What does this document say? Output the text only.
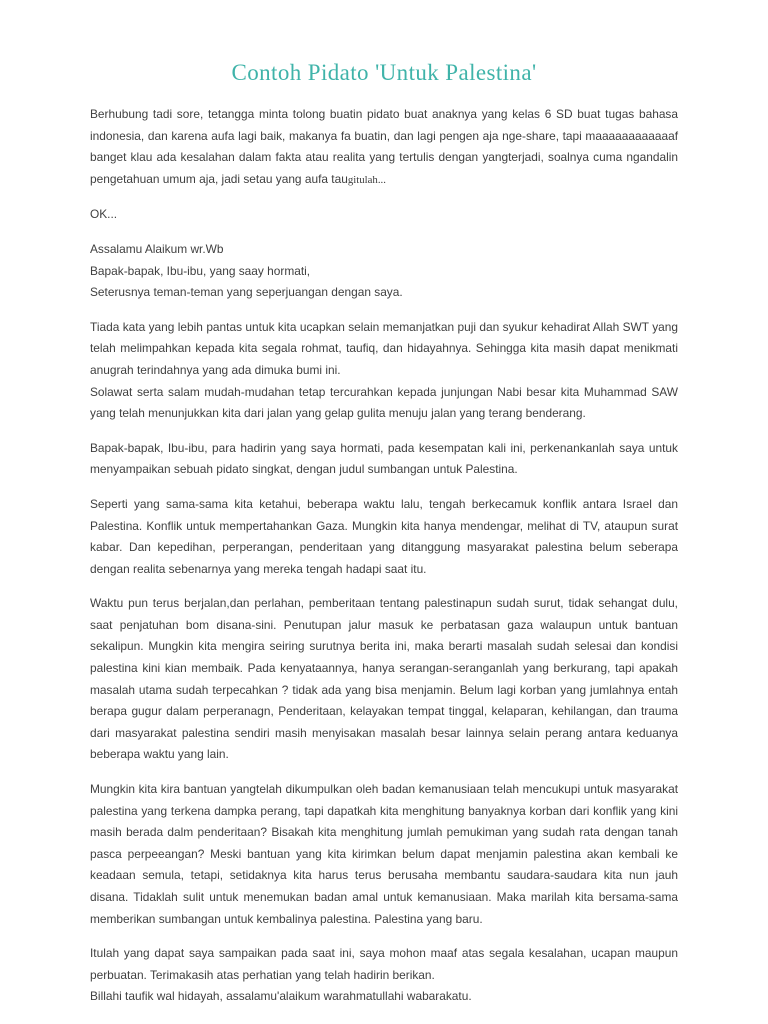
Contoh Pidato 'Untuk Palestina'

Berhubung tadi sore, tetangga minta tolong buatin pidato buat anaknya yang kelas 6 SD buat tugas bahasa indonesia, dan karena aufa lagi baik, makanya fa buatin, dan lagi pengen aja nge-share, tapi maaaaaaaaaaaaf banget klau ada kesalahan dalam fakta atau realita yang tertulis dengan yangterjadi, soalnya cuma ngandalin pengetahuan umum aja, jadi setau yang aufa taugitulah...

OK...

Assalamu Alaikum wr.Wb

Bapak-bapak, Ibu-ibu, yang saay hormati,

Seterusnya teman-teman yang seperjuangan dengan saya.

Tiada kata yang lebih pantas untuk kita ucapkan selain memanjatkan puji dan syukur kehadirat Allah SWT yang telah melimpahkan kepada kita segala rohmat, taufiq, dan hidayahnya. Sehingga kita masih dapat menikmati anugrah terindahnya yang ada dimuka bumi ini.

Solawat serta salam mudah-mudahan tetap tercurahkan kepada junjungan Nabi besar kita Muhammad SAW yang telah menunjukkan kita dari jalan yang gelap gulita menuju jalan yang terang benderang.

Bapak-bapak, Ibu-ibu, para hadirin yang saya hormati, pada kesempatan kali ini, perkenankanlah saya untuk menyampaikan sebuah pidato singkat, dengan judul sumbangan untuk Palestina.

Seperti yang sama-sama kita ketahui, beberapa waktu lalu, tengah berkecamuk konflik antara Israel dan Palestina. Konflik untuk mempertahankan Gaza. Mungkin kita hanya mendengar, melihat di TV, ataupun surat kabar. Dan kepedihan, perperangan, penderitaan yang ditanggung masyarakat palestina belum seberapa dengan realita sebenarnya yang mereka tengah hadapi saat itu.

Waktu pun terus berjalan,dan perlahan, pemberitaan tentang palestinapun sudah surut, tidak sehangat dulu, saat penjatuhan bom disana-sini. Penutupan jalur masuk ke perbatasan gaza walaupun untuk bantuan sekalipun. Mungkin kita mengira seiring surutnya berita ini, maka berarti masalah sudah selesai dan kondisi palestina kini kian membaik. Pada kenyataannya, hanya serangan-seranganlah yang berkurang, tapi apakah masalah utama sudah terpecahkan ? tidak ada yang bisa menjamin. Belum lagi korban yang jumlahnya entah berapa gugur dalam perperanagn, Penderitaan, kelayakan tempat tinggal, kelaparan, kehilangan, dan trauma dari masyarakat palestina sendiri masih menyisakan masalah besar lainnya selain perang antara keduanya beberapa waktu yang lain.

Mungkin kita kira bantuan yangtelah dikumpulkan oleh badan kemanusiaan telah mencukupi untuk masyarakat palestina yang terkena dampka perang, tapi dapatkah kita menghitung banyaknya korban dari konflik yang kini masih berada dalm penderitaan? Bisakah kita menghitung jumlah pemukiman yang sudah rata dengan tanah pasca perpeeangan? Meski bantuan yang kita kirimkan belum dapat menjamin palestina akan kembali ke keadaan semula, tetapi, setidaknya kita harus terus berusaha membantu saudara-saudara kita nun jauh disana. Tidaklah sulit untuk menemukan badan amal untuk kemanusiaan. Maka marilah kita bersama-sama memberikan sumbangan untuk kembalinya palestina. Palestina yang baru.

Itulah yang dapat saya sampaikan pada saat ini, saya mohon maaf atas segala kesalahan, ucapan maupun perbuatan. Terimakasih atas perhatian yang telah hadirin berikan.

Billahi taufik wal hidayah, assalamu'alaikum warahmatullahi wabarakatu.
